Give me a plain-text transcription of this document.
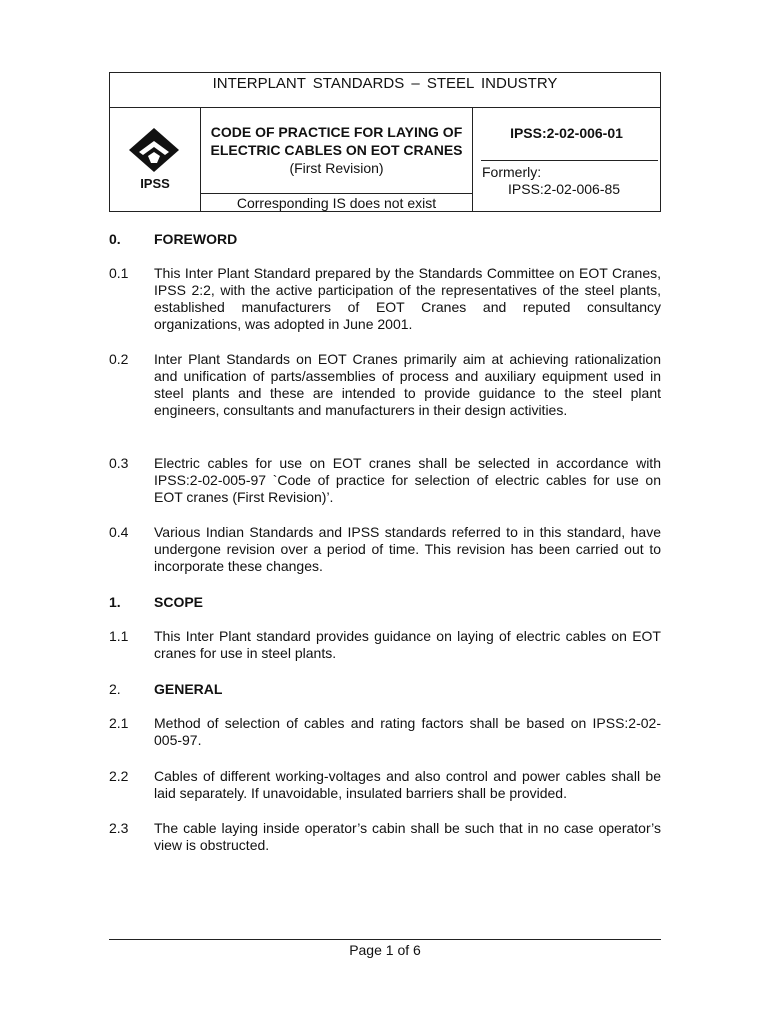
INTERPLANT STANDARDS – STEEL INDUSTRY
IPSS
CODE OF PRACTICE FOR LAYING OF ELECTRIC CABLES ON EOT CRANES (First Revision)
Corresponding IS does not exist
IPSS:2-02-006-01
Formerly:
IPSS:2-02-006-85
0. FOREWORD
0.1 This Inter Plant Standard prepared by the Standards Committee on EOT Cranes, IPSS 2:2, with the active participation of the representatives of the steel plants, established manufacturers of EOT Cranes and reputed consultancy organizations, was adopted in June 2001.
0.2 Inter Plant Standards on EOT Cranes primarily aim at achieving rationalization and unification of parts/assemblies of process and auxiliary equipment used in steel plants and these are intended to provide guidance to the steel plant engineers, consultants and manufacturers in their design activities.
0.3 Electric cables for use on EOT cranes shall be selected in accordance with IPSS:2-02-005-97 `Code of practice for selection of electric cables for use on EOT cranes (First Revision)’.
0.4 Various Indian Standards and IPSS standards referred to in this standard, have undergone revision over a period of time. This revision has been carried out to incorporate these changes.
1. SCOPE
1.1 This Inter Plant standard provides guidance on laying of electric cables on EOT cranes for use in steel plants.
2. GENERAL
2.1 Method of selection of cables and rating factors shall be based on IPSS:2-02-005-97.
2.2 Cables of different working-voltages and also control and power cables shall be laid separately. If unavoidable, insulated barriers shall be provided.
2.3 The cable laying inside operator’s cabin shall be such that in no case operator’s view is obstructed.
Page 1 of 6
